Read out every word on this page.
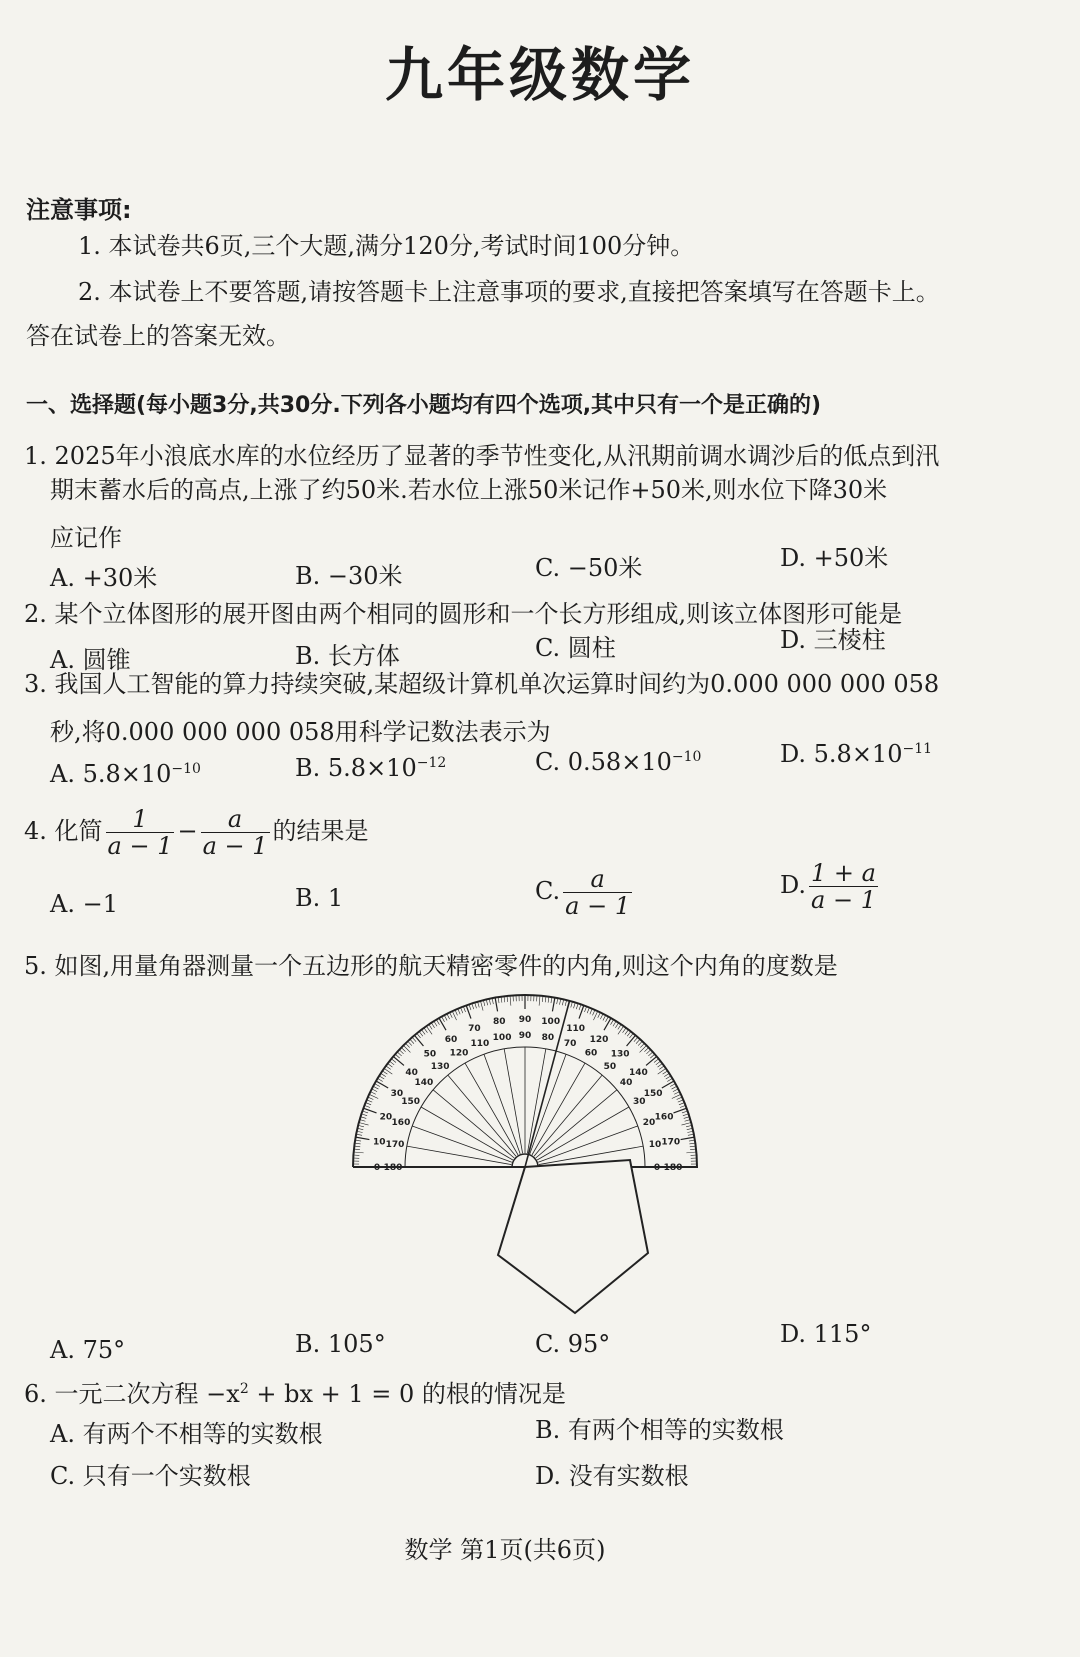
九年级数学
注意事项:
1. 本试卷共6页,三个大题,满分120分,考试时间100分钟。
2. 本试卷上不要答题,请按答题卡上注意事项的要求,直接把答案填写在答题卡上。
答在试卷上的答案无效。
一、选择题(每小题3分,共30分.下列各小题均有四个选项,其中只有一个是正确的)
1. 2025年小浪底水库的水位经历了显著的季节性变化,从汛期前调水调沙后的低点到汛
期末蓄水后的高点,上涨了约50米.若水位上涨50米记作+50米,则水位下降30米
应记作
A. +30米	B. −30米	C. −50米	D. +50米
2. 某个立体图形的展开图由两个相同的圆形和一个长方形组成,则该立体图形可能是
A. 圆锥	B. 长方体	C. 圆柱	D. 三棱柱
3. 我国人工智能的算力持续突破,某超级计算机单次运算时间约为0.000 000 000 058
秒,将0.000 000 000 058用科学记数法表示为
A. $5.8\times 10^{-10}$	B. $5.8\times 10^{-12}$	C. $0.58\times 10^{-10}$	D. $5.8\times 10^{-11}$
4. 化简 $\frac{1}{a - 1} - \frac{a}{a - 1}$ 的结果是
A. −1	B. 1	C. $\frac{a}{a - 1}$	D. $\frac{1 + a}{a - 1}$
5. 如图,用量角器测量一个五边形的航天精密零件的内角,则这个内角的度数是
0 180
10 170
20
160
30
150
40
140
50
130
60
120
70
110
80
100
90
90
100
80
110
70 120
60 130
50
140
40
150
30
160
20
170
10
180
0
A. 75°	B. 105°	C. 95°	D. 115°
6. 一元二次方程 $-x^2$ + bx + 1 = 0 的根的情况是
A. 有两个不相等的实数根	B. 有两个相等的实数根
C. 只有一个实数根	D. 没有实数根
数学 第1页(共6页)
